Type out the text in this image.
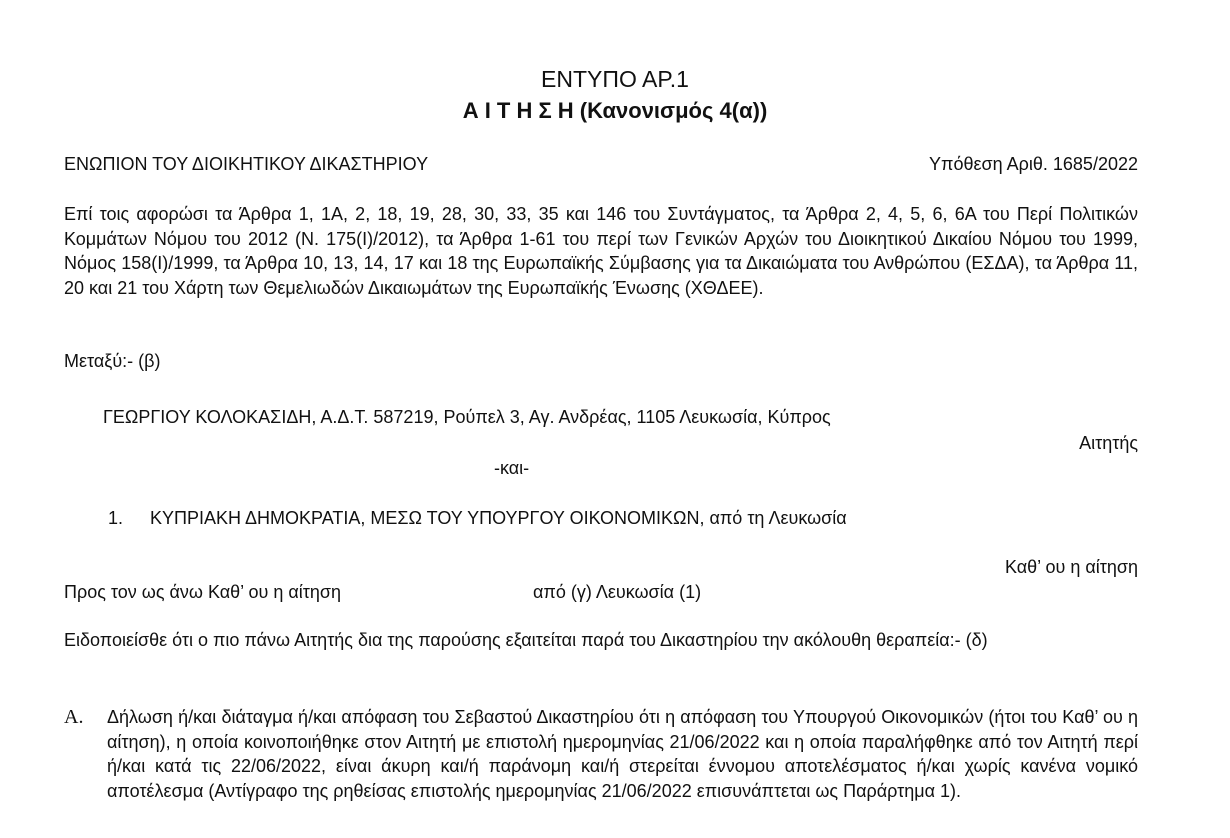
ΕΝΤΥΠΟ ΑΡ.1
Α Ι Τ Η Σ Η (Κανονισμός 4(α))
ΕΝΩΠΙΟΝ ΤΟΥ ΔΙΟΙΚΗΤΙΚΟΥ ΔΙΚΑΣΤΗΡΙΟΥ	Υπόθεση Αριθ. 1685/2022
Επί τοις αφορώσι τα Άρθρα 1, 1Α, 2, 18, 19, 28, 30, 33, 35 και 146 του Συντάγματος, τα Άρθρα 2, 4, 5, 6, 6Α του Περί Πολιτικών Κομμάτων Νόμου του 2012 (Ν. 175(Ι)/2012), τα Άρθρα 1-61 του περί των Γενικών Αρχών του Διοικητικού Δικαίου Νόμου του 1999, Νόμος 158(Ι)/1999, τα Άρθρα 10, 13, 14, 17 και 18 της Ευρωπαϊκής Σύμβασης για τα Δικαιώματα του Ανθρώπου (ΕΣΔΑ), τα Άρθρα 11, 20 και 21 του Χάρτη των Θεμελιωδών Δικαιωμάτων της Ευρωπαϊκής Ένωσης (ΧΘΔΕΕ).
Μεταξύ:- (β)
ΓΕΩΡΓΙΟΥ ΚΟΛΟΚΑΣΙΔΗ, Α.Δ.Τ. 587219, Ρούπελ 3, Αγ. Ανδρέας, 1105 Λευκωσία, Κύπρος
Αιτητής
-και-
1. ΚΥΠΡΙΑΚΗ ΔΗΜΟΚΡΑΤΙΑ, ΜΕΣΩ ΤΟΥ ΥΠΟΥΡΓΟΥ ΟΙΚΟΝΟΜΙΚΩΝ, από τη Λευκωσία
Καθ’ ου η αίτηση
Προς τον ως άνω Καθ’ ου η αίτηση	από (γ) Λευκωσία (1)
Ειδοποιείσθε ότι ο πιο πάνω Αιτητής δια της παρούσης εξαιτείται παρά του Δικαστηρίου την ακόλουθη θεραπεία:- (δ)
Α. Δήλωση ή/και διάταγμα ή/και απόφαση του Σεβαστού Δικαστηρίου ότι η απόφαση του Υπουργού Οικονομικών (ήτοι του Καθ’ ου η αίτηση), η οποία κοινοποιήθηκε στον Αιτητή με επιστολή ημερομηνίας 21/06/2022 και η οποία παραλήφθηκε από τον Αιτητή περί ή/και κατά τις 22/06/2022, είναι άκυρη και/ή παράνομη και/ή στερείται έννομου αποτελέσματος ή/και χωρίς κανένα νομικό αποτέλεσμα (Αντίγραφο της ρηθείσας επιστολής ημερομηνίας 21/06/2022 επισυνάπτεται ως Παράρτημα 1).
